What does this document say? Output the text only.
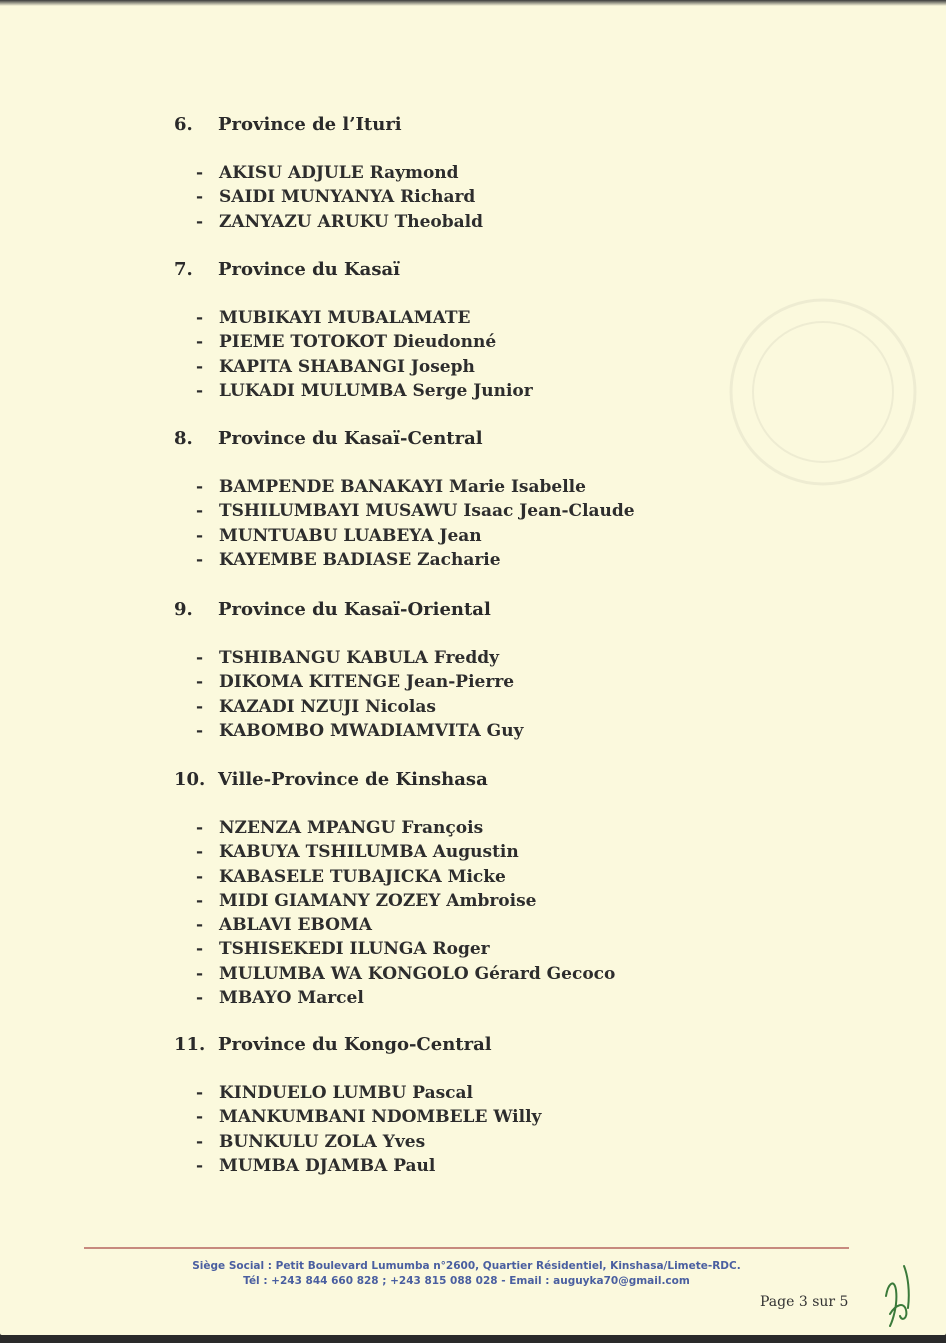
6. Province de l’Ituri
- AKISU ADJULE Raymond
- SAIDI MUNYANYA Richard
- ZANYAZU ARUKU Theobald
7. Province du Kasaï
- MUBIKAYI MUBALAMATE
- PIEME TOTOKOT Dieudonné
- KAPITA SHABANGI Joseph
- LUKADI MULUMBA Serge Junior
8. Province du Kasaï-Central
- BAMPENDE BANAKAYI Marie Isabelle
- TSHILUMBAYI MUSAWU Isaac Jean-Claude
- MUNTUABU LUABEYA Jean
- KAYEMBE BADIASE Zacharie
9. Province du Kasaï-Oriental
- TSHIBANGU KABULA Freddy
- DIKOMA KITENGE Jean-Pierre
- KAZADI NZUJI Nicolas
- KABOMBO MWADIAMVITA Guy
10. Ville-Province de Kinshasa
- NZENZA MPANGU François
- KABUYA TSHILUMBA Augustin
- KABASELE TUBAJICKA Micke
- MIDI GIAMANY ZOZEY Ambroise
- ABLAVI EBOMA
- TSHISEKEDI ILUNGA Roger
- MULUMBA WA KONGOLO Gérard Gecoco
- MBAYO Marcel
11. Province du Kongo-Central
- KINDUELO LUMBU Pascal
- MANKUMBANI NDOMBELE Willy
- BUNKULU ZOLA Yves
- MUMBA DJAMBA Paul
Siège Social : Petit Boulevard Lumumba n°2600, Quartier Résidentiel, Kinshasa/Limete-RDC.
Tél : +243 844 660 828 ; +243 815 088 028 - Email : auguyka70@gmail.com
Page 3 sur 5
